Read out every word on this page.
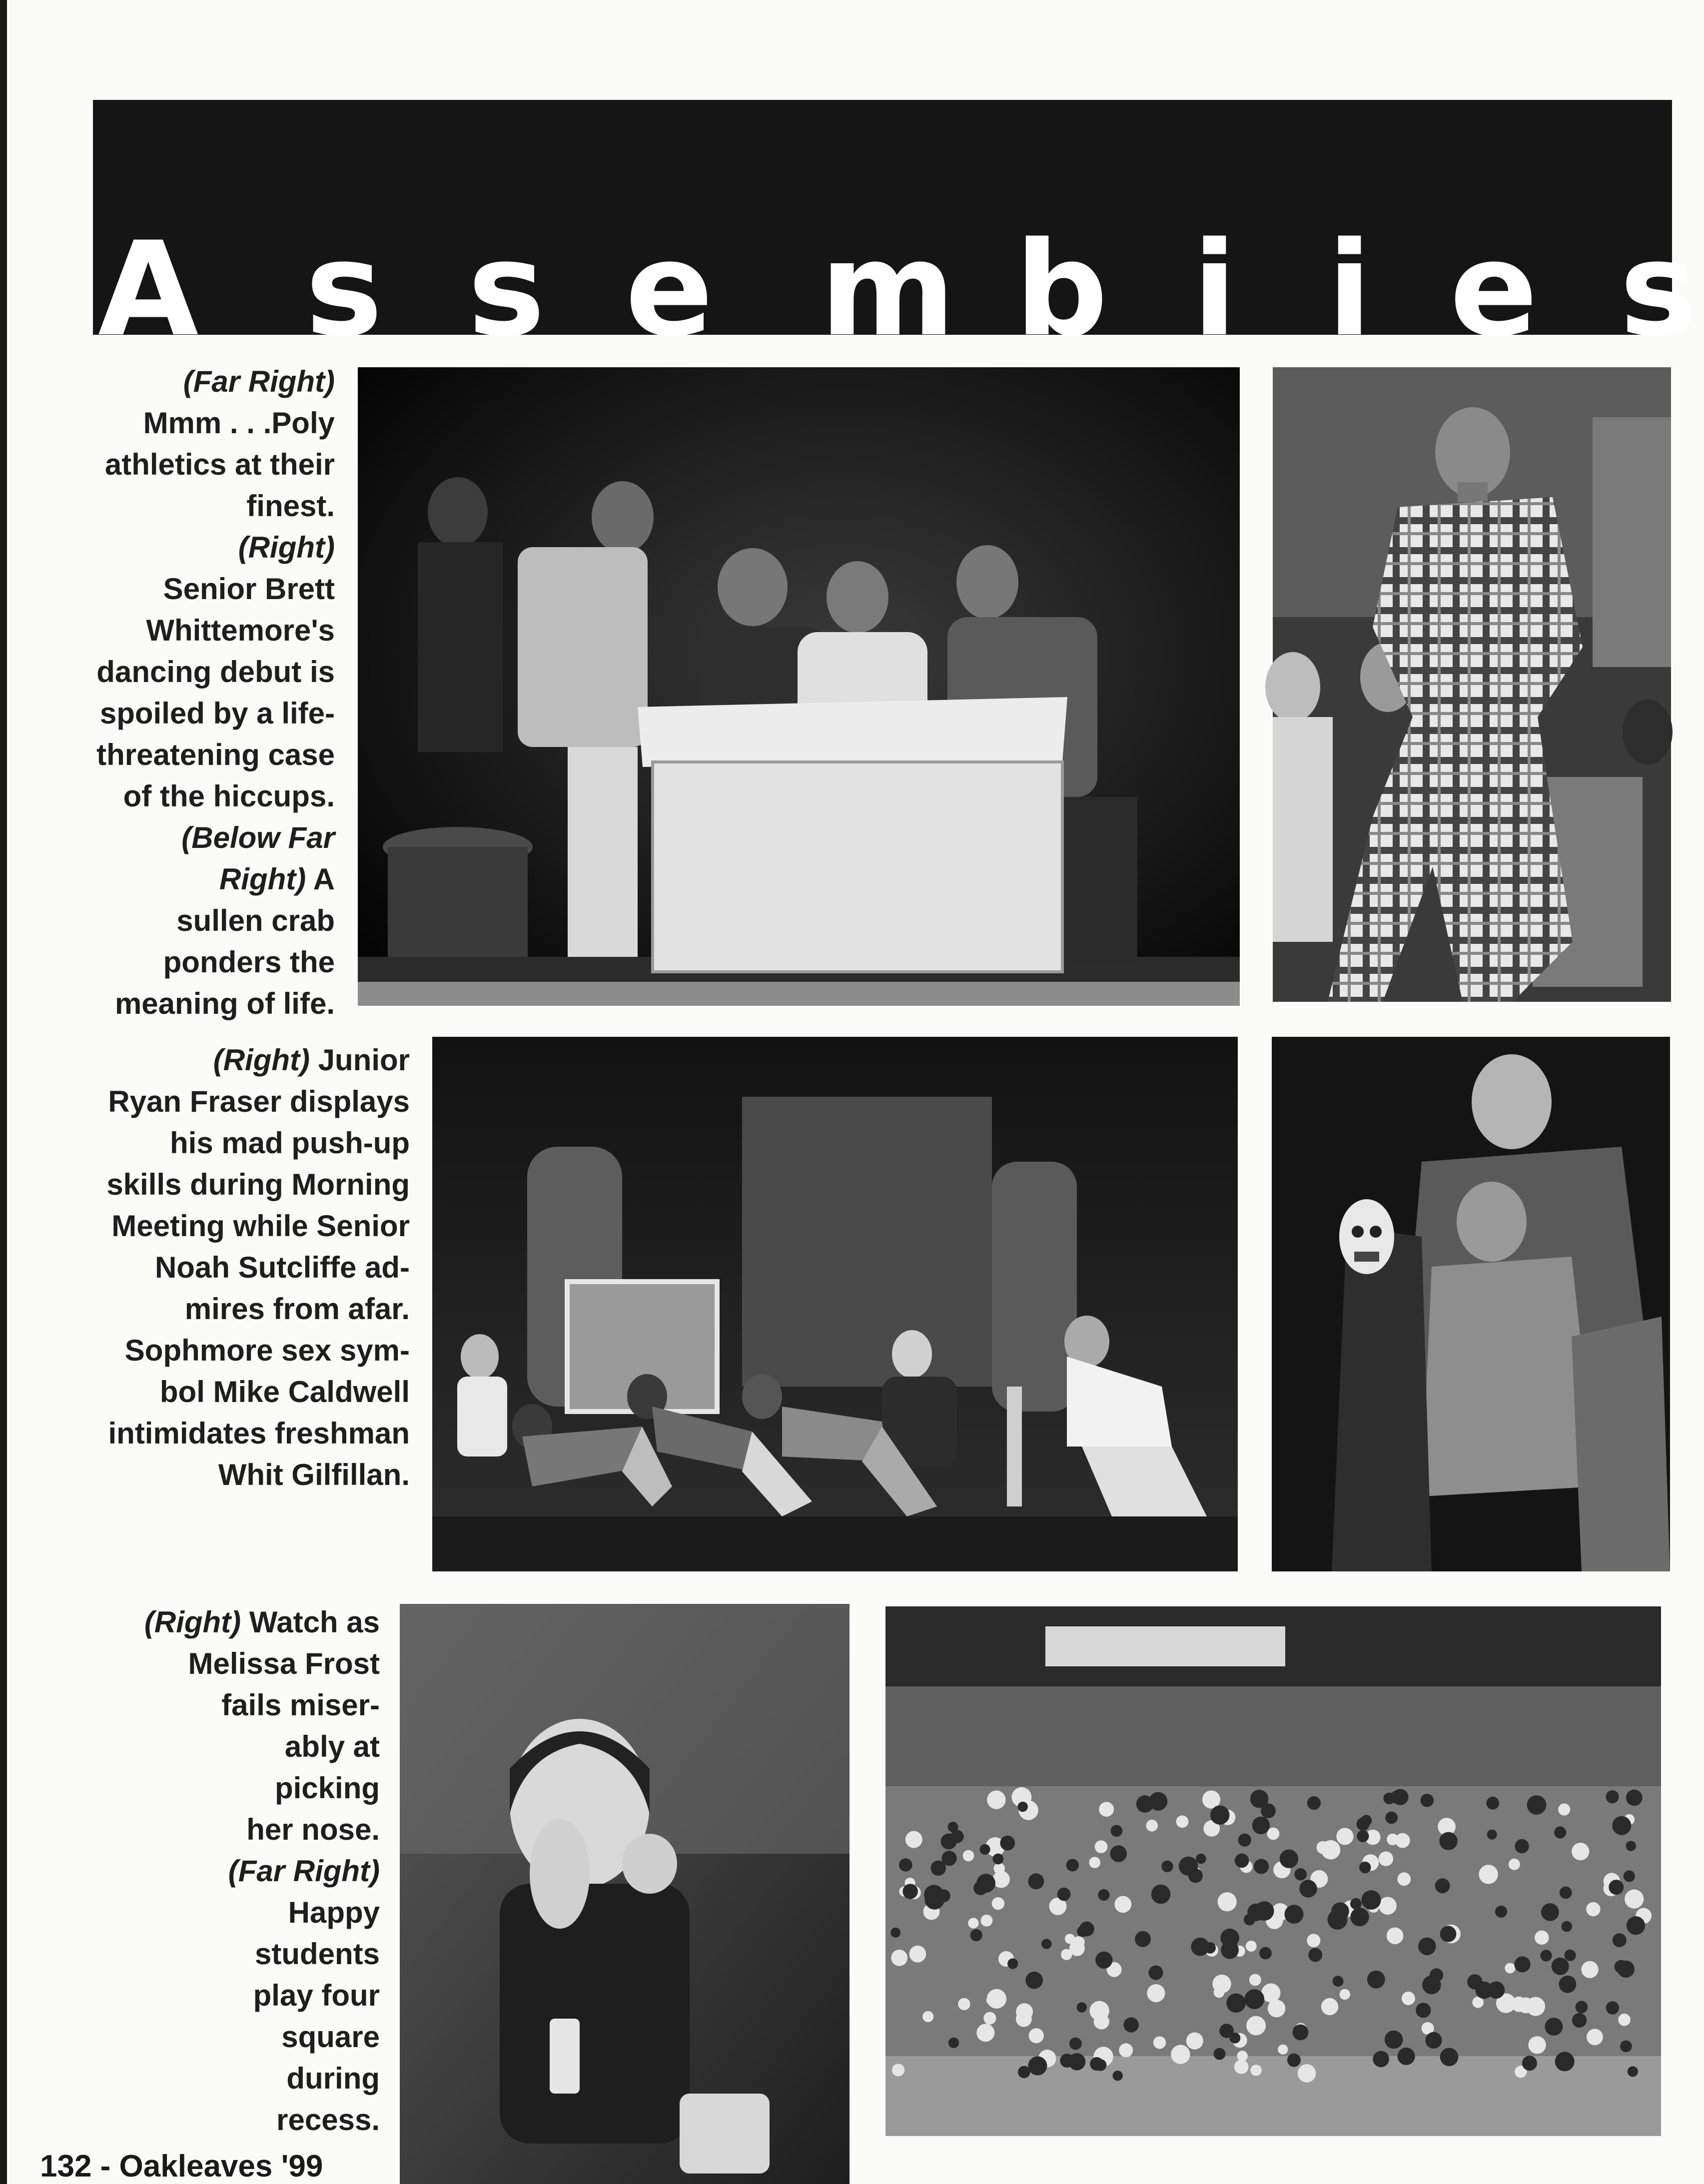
A s s e m b i i e s
(Far Right)
Mmm . . .Poly
athletics at their
finest.
(Right)
Senior Brett
Whittemore's
dancing debut is
spoiled by a life-
threatening case
of the hiccups.
(Below Far
Right) A
sullen crab
ponders the
meaning of life.
(Right) Junior
Ryan Fraser displays
his mad push-up
skills during Morning
Meeting while Senior
Noah Sutcliffe ad-
mires from afar.
Sophmore sex sym-
bol Mike Caldwell
intimidates freshman
Whit Gilfillan.
(Right) Watch as
Melissa Frost
fails miser-
ably at
picking
her nose.
(Far Right)
Happy
students
play four
square
during
recess.
132 - Oakleaves '99
